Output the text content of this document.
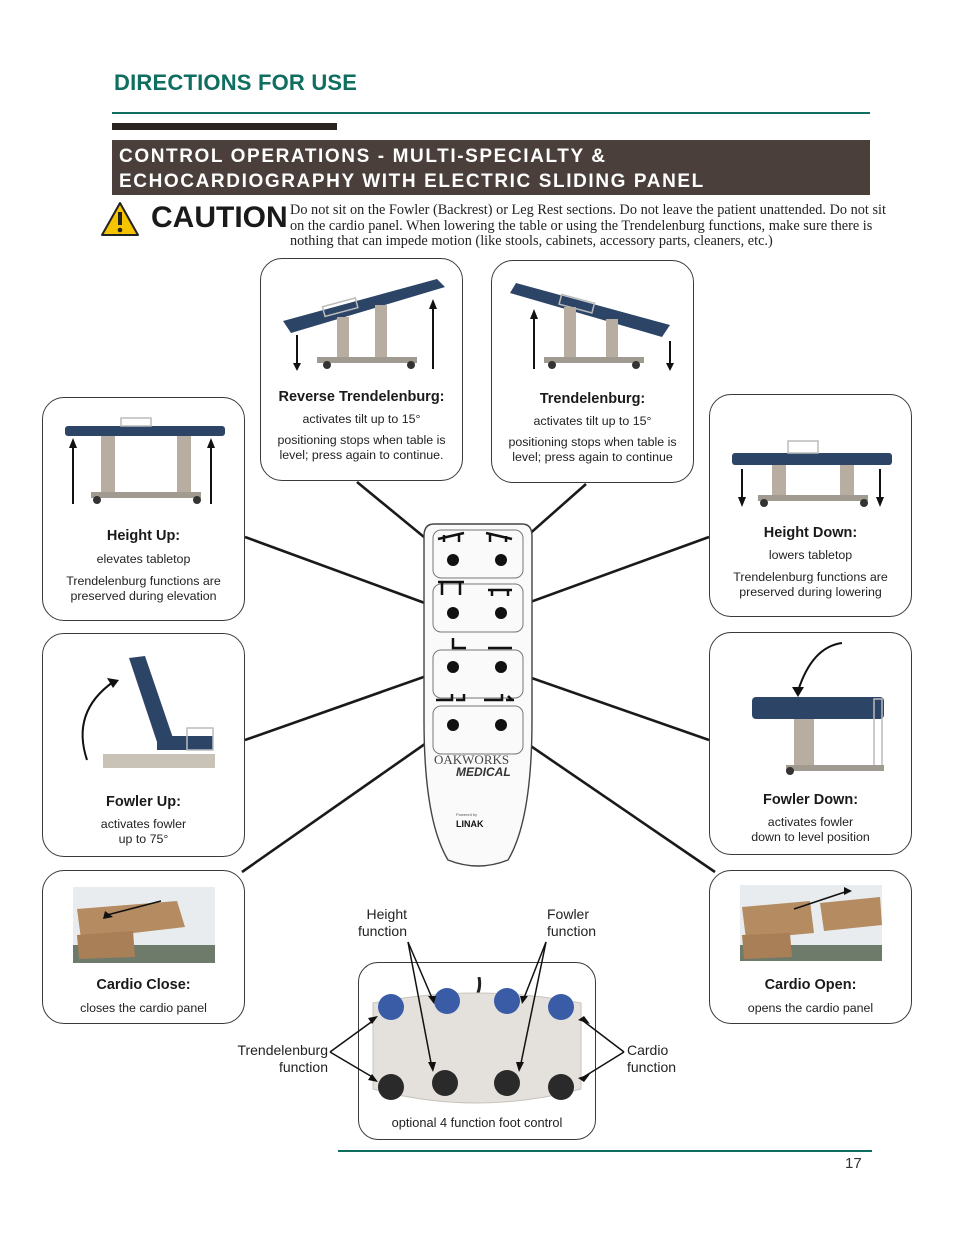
DIRECTIONS FOR USE
CONTROL OPERATIONS - MULTI-SPECIALTY &
ECHOCARDIOGRAPHY WITH ELECTRIC SLIDING PANEL
CAUTION Do not sit on the Fowler (Backrest) or Leg Rest sections. Do not leave the patient unattended. Do not sit on the cardio panel. When lowering the table or using the Trendelenburg functions, make sure there is nothing that can impede motion (like stools, cabinets, accessory parts, cleaners, etc.)
OAKWORKS
MEDICAL
Powered by
LINAK
Reverse Trendelenburg:
activates tilt up to 15°
positioning stops when table is level; press again to continue.
Trendelenburg:
activates tilt up to 15°
positioning stops when table is level; press again to continue
Height Up:
elevates tabletop
Trendelenburg functions are preserved during elevation
Height Down:
lowers tabletop
Trendelenburg functions are preserved during lowering
Fowler Up:
activates fowler
up to 75°
Fowler Down:
activates fowler
down to level position
Cardio Close:
closes the cardio panel
Cardio Open:
opens the cardio panel
Height
function
Fowler
function
Trendelenburg
function
Cardio
function
optional 4 function foot control
17
